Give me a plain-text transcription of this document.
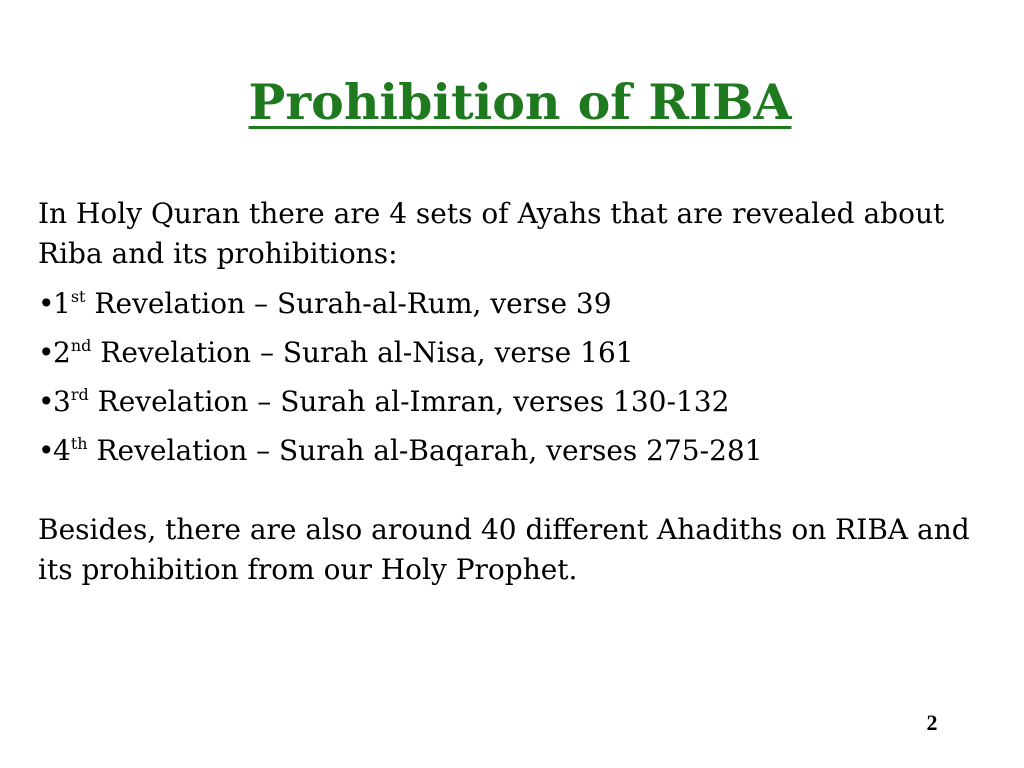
Prohibition of RIBA

In Holy Quran there are 4 sets of Ayahs that are revealed about Riba and its prohibitions:

•1st Revelation – Surah-al-Rum, verse 39
•2nd Revelation – Surah al-Nisa, verse 161
•3rd Revelation – Surah al-Imran, verses 130-132
•4th Revelation – Surah al-Baqarah, verses 275-281

Besides, there are also around 40 different Ahadiths on RIBA and its prohibition from our Holy Prophet.

2
